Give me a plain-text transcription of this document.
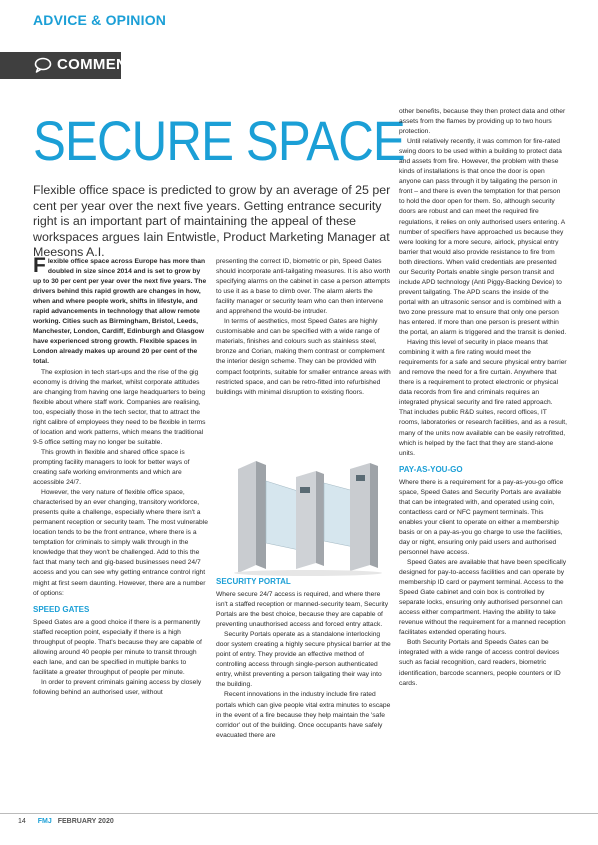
ADVICE & OPINION
COMMENT
SECURE SPACE
Flexible office space is predicted to grow by an average of 25 per cent per year over the next five years. Getting entrance security right is an important part of maintaining the appeal of these workspaces argues Iain Entwistle, Product Marketing Manager at Meesons A.I.

Flexible office space across Europe has more than doubled in size since 2014 and is set to grow by up to 30 per cent per year over the next five years. The drivers behind this rapid growth are changes in how, when and where people work, shifts in lifestyle, and rapid advancements in technology that allow remote working. Cities such as Birmingham, Bristol, Leeds, Manchester, London, Cardiff, Edinburgh and Glasgow have experienced strong growth. Flexible spaces in London already makes up around 20 per cent of the total.

The explosion in tech start-ups and the rise of the gig economy is driving the market, whilst corporate attitudes are changing from having one large headquarters to being flexible about where staff work. Companies are realising, too, especially those in the tech sector, that to attract the right calibre of employees they need to be flexible in terms of location and work patterns, which means the traditional 9-5 office setting may no longer be suitable.

This growth in flexible and shared office space is prompting facility managers to look for better ways of creating safe working environments and which are accessible 24/7.

However, the very nature of flexible office space, characterised by an ever changing, transitory workforce, presents quite a challenge, especially where there isn't a permanent reception or security team. The most vulnerable location tends to be the front entrance, where there is a temptation for criminals to simply walk through in the knowledge that they won't be challenged. Add to this the fact that many tech and gig-based businesses need 24/7 access and you can see why getting entrance control right might at first seem daunting. However, there are a number of options:

SPEED GATES

Speed Gates are a good choice if there is a permanently staffed reception point, especially if there is a high throughput of people. That's because they are capable of allowing around 40 people per minute to transit through each lane, and can be specified in multiple banks to facilitate a greater throughput of people per minute.

In order to prevent criminals gaining access by closely following behind an authorised user, without

presenting the correct ID, biometric or pin, Speed Gates should incorporate anti-tailgating measures. It is also worth specifying alarms on the cabinet in case a person attempts to use it as a base to climb over. The alarm alerts the facility manager or security team who can then intervene and apprehend the would-be intruder.

In terms of aesthetics, most Speed Gates are highly customisable and can be specified with a wide range of materials, finishes and colours such as stainless steel, bronze and Corian, making them contrast or complement the interior design scheme. They can be provided with compact footprints, suitable for smaller entrance areas with restricted space, and can be retro-fitted into refurbished buildings with minimal disruption to existing floors.

SECURITY PORTAL

Where secure 24/7 access is required, and where there isn't a staffed reception or manned-security team, Security Portals are the best choice, because they are capable of preventing unauthorised access and forced entry attack.

Security Portals operate as a standalone interlocking door system creating a highly secure physical barrier at the point of entry. They provide an effective method of controlling access through single-person authenticated entry, whilst preventing a person tailgating their way into the building.

Recent innovations in the industry include fire rated portals which can give people vital extra minutes to escape in the event of a fire because they help maintain the 'safe corridor' out of the building. Once occupants have safely evacuated there are

other benefits, because they then protect data and other assets from the flames by providing up to two hours protection.

Until relatively recently, it was common for fire-rated swing doors to be used within a building to protect data and assets from fire. However, the problem with these kinds of installations is that once the door is open anyone can pass through it by tailgating the person in front – and there is even the temptation for that person to hold the door open for them. So, although security doors are robust and can meet the required fire regulations, it relies on only authorised users entering. A number of specifiers have approached us because they were looking for a more secure, airlock, physical entry barrier that would also provide resistance to fire from both directions. When valid credentials are presented our Security Portals enable single person transit and include APD technology (Anti Piggy-Backing Device) to prevent tailgating. The APD scans the inside of the portal with an ultrasonic sensor and is combined with a two zone pressure mat to ensure that only one person has entered. If more than one person is present within the portal, an alarm is triggered and the transit is denied.

Having this level of security in place means that combining it with a fire rating would meet the requirements for a safe and secure physical entry barrier and remove the need for a fire curtain. Anywhere that there is a requirement to protect electronic or physical data records from fire and criminals requires an integrated physical security and fire rated approach. That includes public R&D suites, record offices, IT rooms, laboratories or research facilities, and as a result, many of the units now available can be easily retrofitted, which is helped by the fact that they are stand-alone units.

PAY-AS-YOU-GO

Where there is a requirement for a pay-as-you-go office space, Speed Gates and Security Portals are available that can be integrated with, and operated using coin, contactless card or NFC payment terminals. This enables your client to operate on either a membership basis or on a pay-as-you go charge to use the facilities, day or night, ensuring only paid users and authorised personnel have access.

Speed Gates are available that have been specifically designed for pay-to-access facilities and can operate by membership ID card or payment terminal. Access to the Speed Gate cabinet and coin box is controlled by separate locks, ensuring only authorised personnel can access either compartment. Having the ability to take revenue without the requirement for a manned reception facilitates extended operating hours.

Both Security Portals and Speeds Gates can be integrated with a wide range of access control devices such as facial recognition, card readers, biometric identification, barcode scanners, people counters or ID cards.

14 FMJ FEBRUARY 2020
